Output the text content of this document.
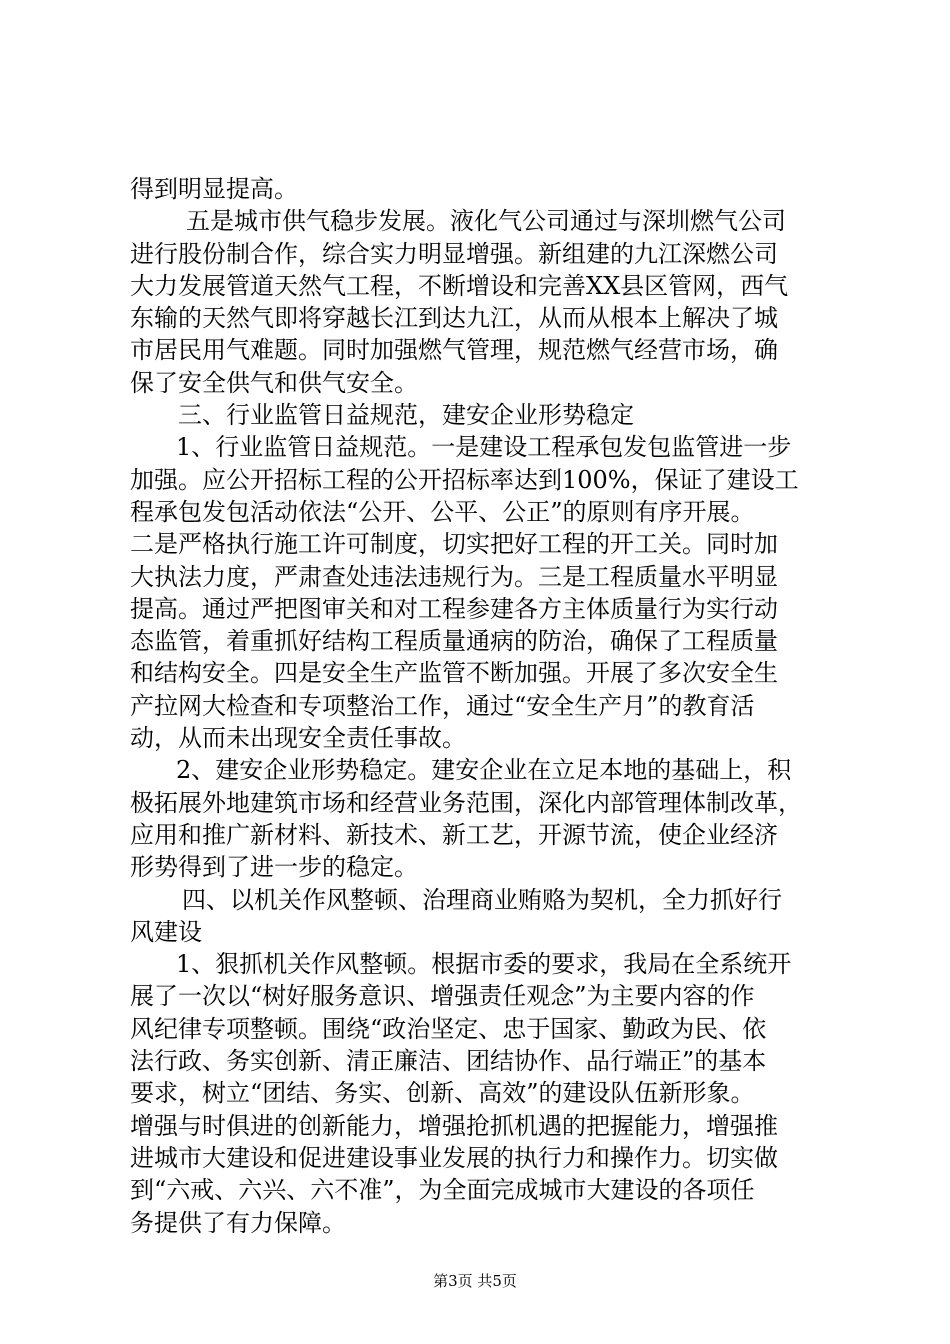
得到明显提高。
五是城市供气稳步发展。液化气公司通过与深圳燃气公司
进行股份制合作，综合实力明显增强。新组建的九江深燃公司
大力发展管道天然气工程，不断增设和完善XX县区管网，西气
东输的天然气即将穿越长江到达九江，从而从根本上解决了城
市居民用气难题。同时加强燃气管理，规范燃气经营市场，确
保了安全供气和供气安全。
三、行业监管日益规范，建安企业形势稳定
1、行业监管日益规范。一是建设工程承包发包监管进一步
加强。应公开招标工程的公开招标率达到100%，保证了建设工
程承包发包活动依法“公开、公平、公正”的原则有序开展。
二是严格执行施工许可制度，切实把好工程的开工关。同时加
大执法力度，严肃查处违法违规行为。三是工程质量水平明显
提高。通过严把图审关和对工程参建各方主体质量行为实行动
态监管，着重抓好结构工程质量通病的防治，确保了工程质量
和结构安全。四是安全生产监管不断加强。开展了多次安全生
产拉网大检查和专项整治工作，通过“安全生产月”的教育活
动，从而未出现安全责任事故。
2、建安企业形势稳定。建安企业在立足本地的基础上，积
极拓展外地建筑市场和经营业务范围，深化内部管理体制改革，
应用和推广新材料、新技术、新工艺，开源节流，使企业经济
形势得到了进一步的稳定。
四、以机关作风整顿、治理商业贿赂为契机，全力抓好行
风建设
1、狠抓机关作风整顿。根据市委的要求，我局在全系统开
展了一次以“树好服务意识、增强责任观念”为主要内容的作
风纪律专项整顿。围绕“政治坚定、忠于国家、勤政为民、依
法行政、务实创新、清正廉洁、团结协作、品行端正”的基本
要求，树立“团结、务实、创新、高效”的建设队伍新形象。
增强与时俱进的创新能力，增强抢抓机遇的把握能力，增强推
进城市大建设和促进建设事业发展的执行力和操作力。切实做
到“六戒、六兴、六不准”，为全面完成城市大建设的各项任
务提供了有力保障。
第3页 共5页
